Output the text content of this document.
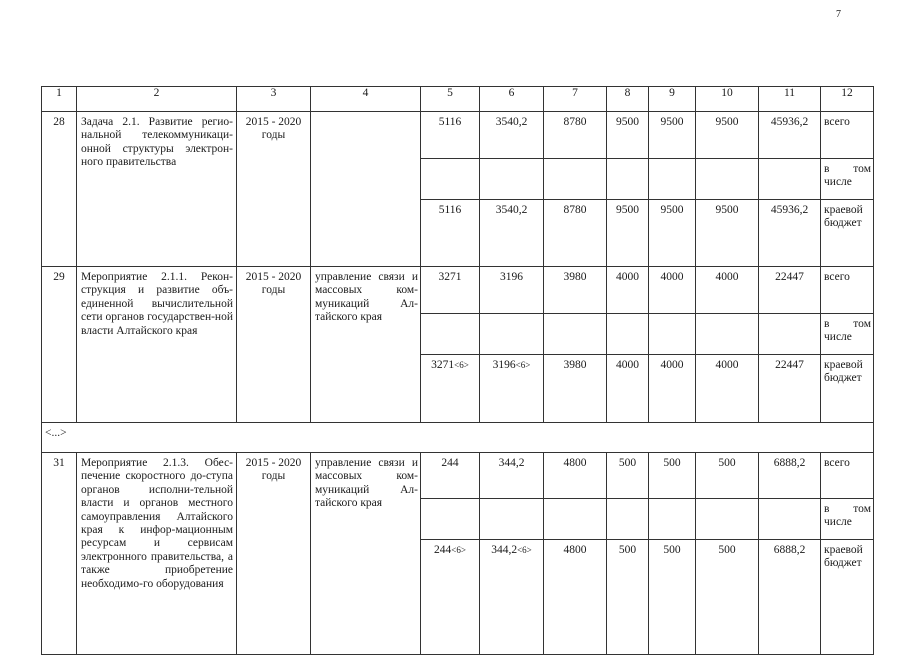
7
1	2	3	4	5	6	7	8	9	10	11	12
28	Задача 2.1. Развитие регио-нальной телекоммуникаци-онной структуры электрон-ного правительства	2015 - 2020 годы		5116	3540,2	8780	9500	9500	9500	45936,2	всего
											в том числе
				5116	3540,2	8780	9500	9500	9500	45936,2	краевой бюджет
29	Мероприятие 2.1.1. Рекон-струкция и развитие объ-единенной вычислительной сети органов государствен-ной власти Алтайского края	2015 - 2020 годы	управление связи и массовых ком-муникаций Ал-тайского края	3271	3196	3980	4000	4000	4000	22447	всего
											в том числе
				3271<6>	3196<6>	3980	4000	4000	4000	22447	краевой бюджет
<...>											
31	Мероприятие 2.1.3. Обес-печение скоростного до-ступа органов исполни-тельной власти и органов местного самоуправления Алтайского края к инфор-мационным ресурсам и сервисам электронного правительства, а также приобретение необходимо-го оборудования	2015 - 2020 годы	управление связи и массовых ком-муникаций Ал-тайского края	244	344,2	4800	500	500	500	6888,2	всего
											в том числе
				244<6>	344,2<6>	4800	500	500	500	6888,2	краевой бюджет
